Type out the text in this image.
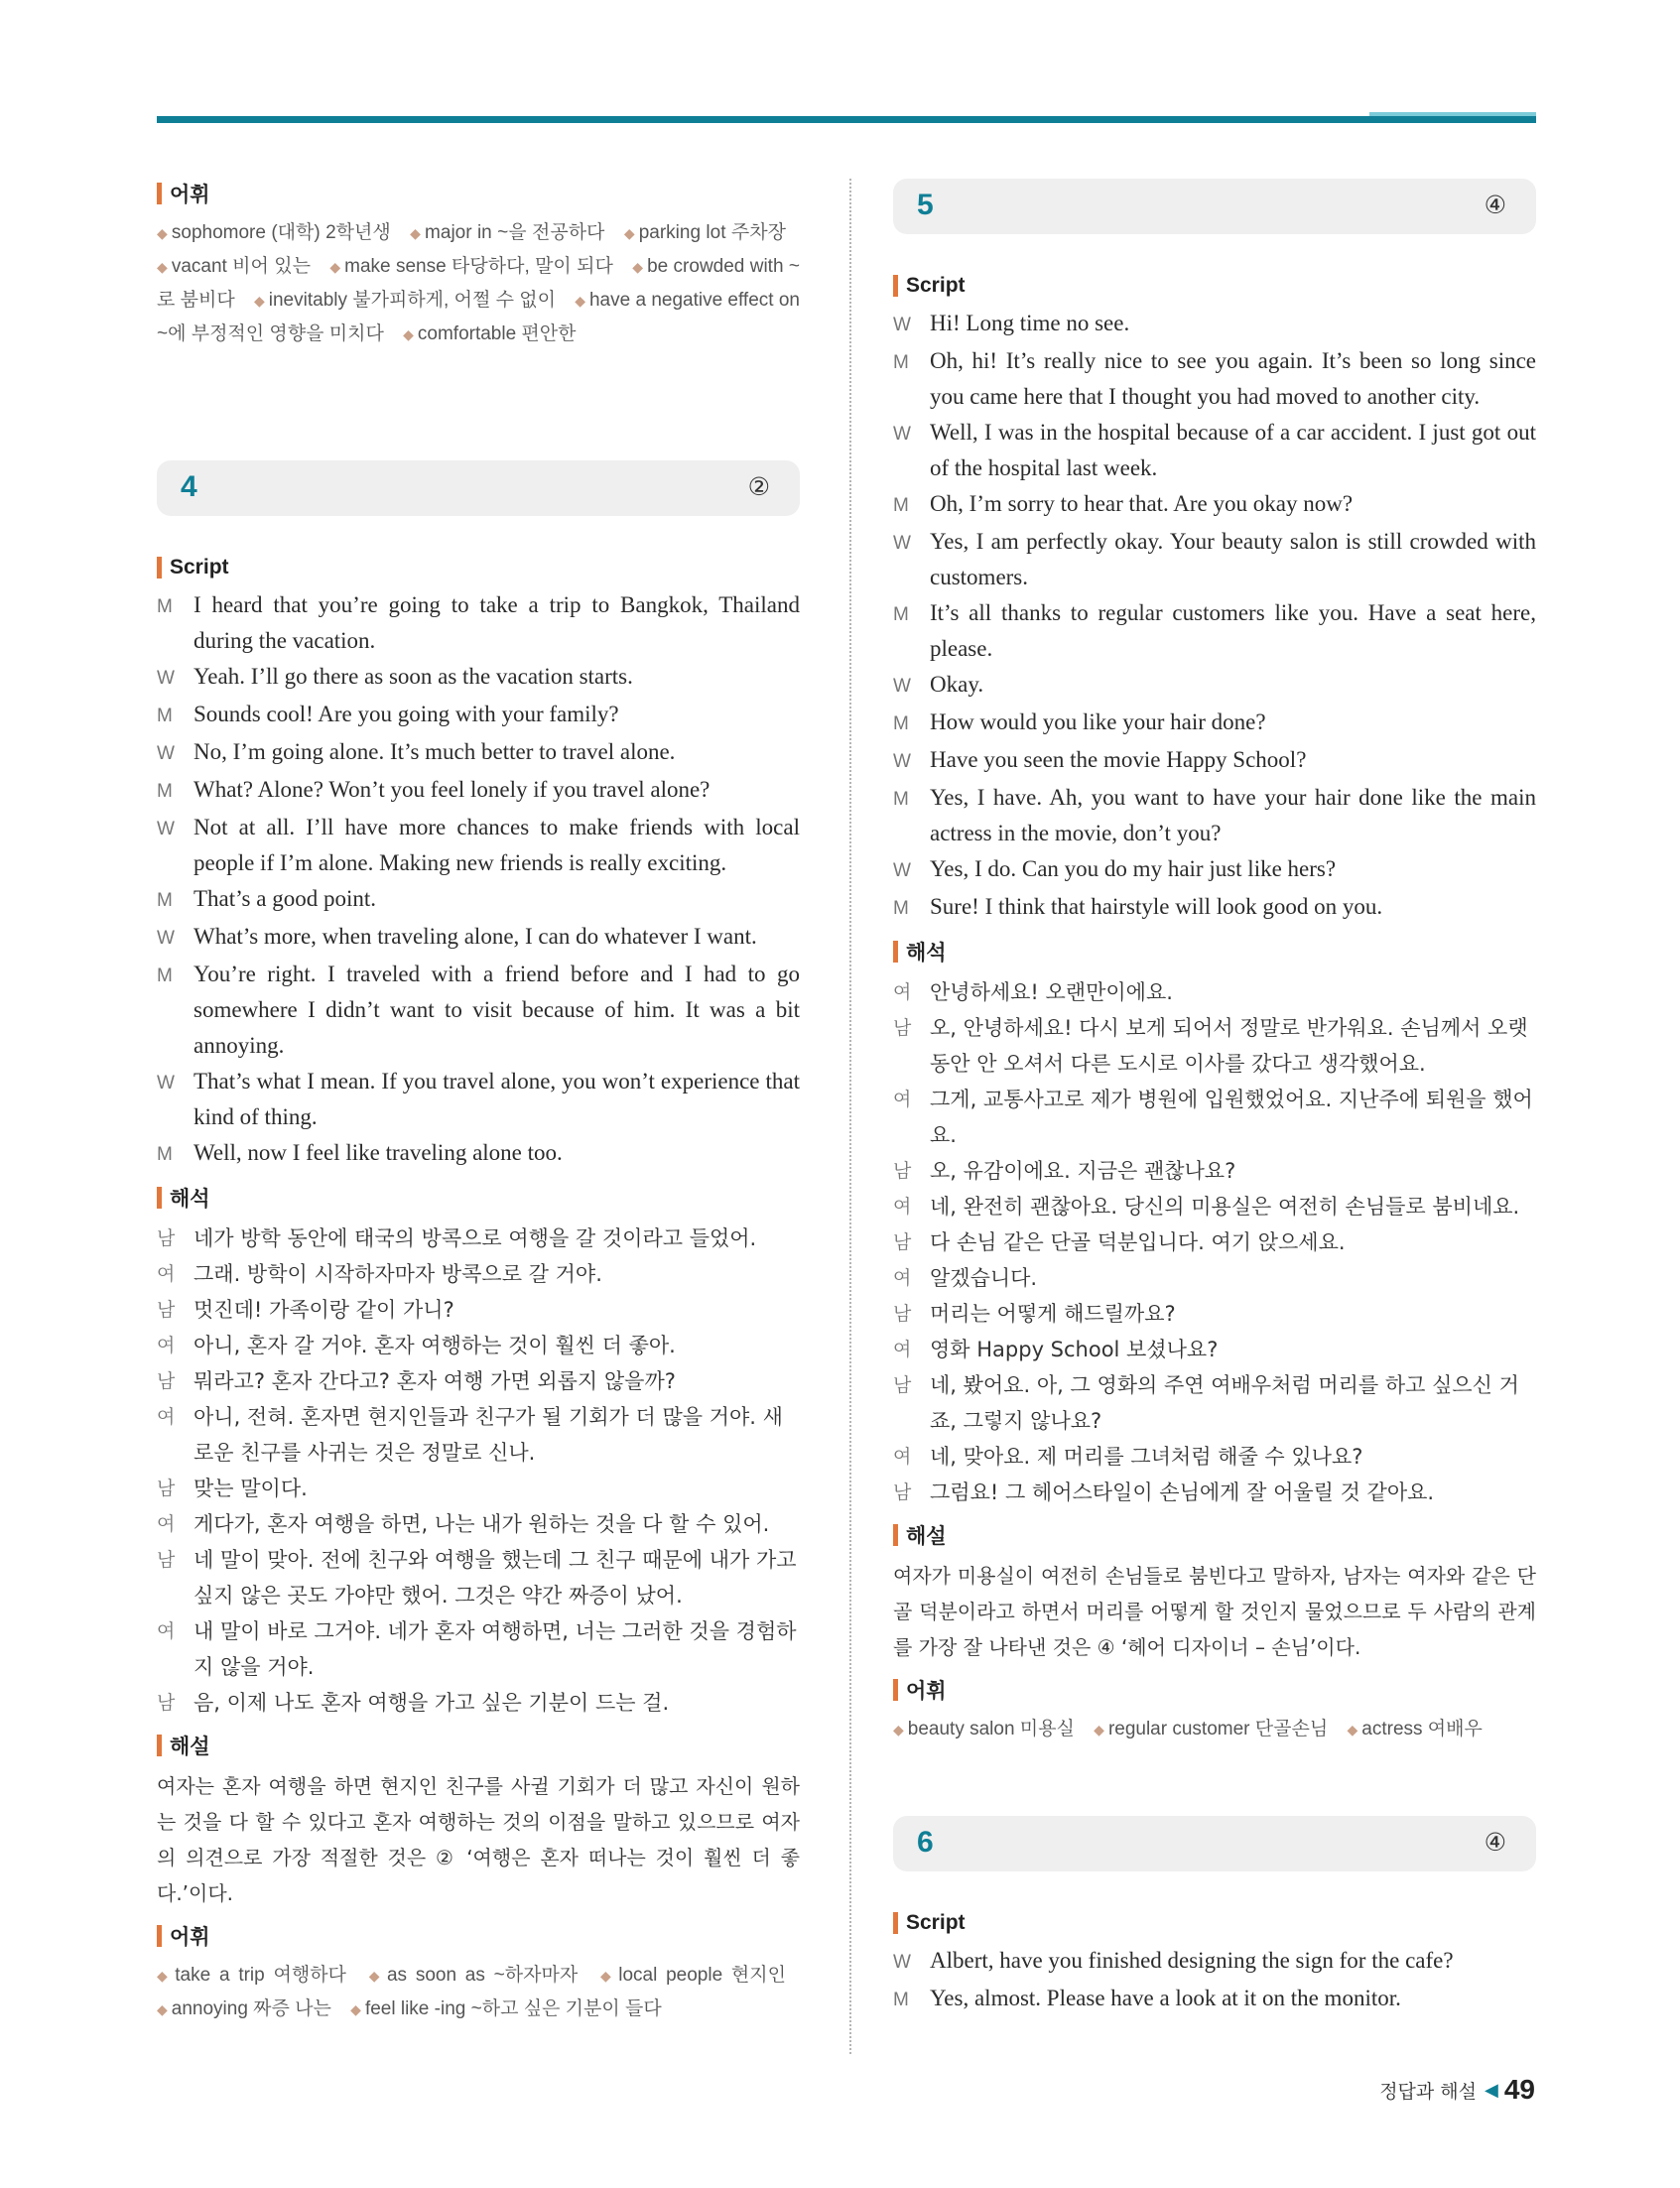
어휘
◆ sophomore (대학) 2학년생 ◆ major in ~을 전공하다 ◆ parking lot 주차장 ◆ vacant 비어 있는 ◆ make sense 타당하다, 말이 되다 ◆ be crowded with ~로 붐비다 ◆ inevitably 불가피하게, 어쩔 수 없이 ◆ have a negative effect on ~에 부정적인 영향을 미치다 ◆ comfortable 편안한
4	②
Script
M I heard that you’re going to take a trip to Bangkok, Thailand during the vacation.
W Yeah. I’ll go there as soon as the vacation starts.
M Sounds cool! Are you going with your family?
W No, I’m going alone. It’s much better to travel alone.
M What? Alone? Won’t you feel lonely if you travel alone?
W Not at all. I’ll have more chances to make friends with local people if I’m alone. Making new friends is really exciting.
M That’s a good point.
W What’s more, when traveling alone, I can do whatever I want.
M You’re right. I traveled with a friend before and I had to go somewhere I didn’t want to visit because of him. It was a bit annoying.
W That’s what I mean. If you travel alone, you won’t experience that kind of thing.
M Well, now I feel like traveling alone too.
해석
남 네가 방학 동안에 태국의 방콕으로 여행을 갈 것이라고 들었어.
여 그래. 방학이 시작하자마자 방콕으로 갈 거야.
남 멋진데! 가족이랑 같이 가니?
여 아니, 혼자 갈 거야. 혼자 여행하는 것이 훨씬 더 좋아.
남 뭐라고? 혼자 간다고? 혼자 여행 가면 외롭지 않을까?
여 아니, 전혀. 혼자면 현지인들과 친구가 될 기회가 더 많을 거야. 새로운 친구를 사귀는 것은 정말로 신나.
남 맞는 말이다.
여 게다가, 혼자 여행을 하면, 나는 내가 원하는 것을 다 할 수 있어.
남 네 말이 맞아. 전에 친구와 여행을 했는데 그 친구 때문에 내가 가고 싶지 않은 곳도 가야만 했어. 그것은 약간 짜증이 났어.
여 내 말이 바로 그거야. 네가 혼자 여행하면, 너는 그러한 것을 경험하지 않을 거야.
남 음, 이제 나도 혼자 여행을 가고 싶은 기분이 드는 걸.
해설
여자는 혼자 여행을 하면 현지인 친구를 사귈 기회가 더 많고 자신이 원하는 것을 다 할 수 있다고 혼자 여행하는 것의 이점을 말하고 있으므로 여자의 의견으로 가장 적절한 것은 ② ‘여행은 혼자 떠나는 것이 훨씬 더 좋다.’이다.
어휘
◆ take a trip 여행하다 ◆ as soon as ~하자마자 ◆ local people 현지인 ◆ annoying 짜증 나는 ◆ feel like -ing ~하고 싶은 기분이 들다
5	④
Script
W Hi! Long time no see.
M Oh, hi! It’s really nice to see you again. It’s been so long since you came here that I thought you had moved to another city.
W Well, I was in the hospital because of a car accident. I just got out of the hospital last week.
M Oh, I’m sorry to hear that. Are you okay now?
W Yes, I am perfectly okay. Your beauty salon is still crowded with customers.
M It’s all thanks to regular customers like you. Have a seat here, please.
W Okay.
M How would you like your hair done?
W Have you seen the movie Happy School?
M Yes, I have. Ah, you want to have your hair done like the main actress in the movie, don’t you?
W Yes, I do. Can you do my hair just like hers?
M Sure! I think that hairstyle will look good on you.
해석
여 안녕하세요! 오랜만이에요.
남 오, 안녕하세요! 다시 보게 되어서 정말로 반가워요. 손님께서 오랫동안 안 오셔서 다른 도시로 이사를 갔다고 생각했어요.
여 그게, 교통사고로 제가 병원에 입원했었어요. 지난주에 퇴원을 했어요.
남 오, 유감이에요. 지금은 괜찮나요?
여 네, 완전히 괜찮아요. 당신의 미용실은 여전히 손님들로 붐비네요.
남 다 손님 같은 단골 덕분입니다. 여기 앉으세요.
여 알겠습니다.
남 머리는 어떻게 해드릴까요?
여 영화 Happy School 보셨나요?
남 네, 봤어요. 아, 그 영화의 주연 여배우처럼 머리를 하고 싶으신 거죠, 그렇지 않나요?
여 네, 맞아요. 제 머리를 그녀처럼 해줄 수 있나요?
남 그럼요! 그 헤어스타일이 손님에게 잘 어울릴 것 같아요.
해설
여자가 미용실이 여전히 손님들로 붐빈다고 말하자, 남자는 여자와 같은 단골 덕분이라고 하면서 머리를 어떻게 할 것인지 물었으므로 두 사람의 관계를 가장 잘 나타낸 것은 ④ ‘헤어 디자이너 – 손님’이다.
어휘
◆ beauty salon 미용실 ◆ regular customer 단골손님 ◆ actress 여배우
6	④
Script
W Albert, have you finished designing the sign for the cafe?
M Yes, almost. Please have a look at it on the monitor.
정답과 해설 ◀ 49
